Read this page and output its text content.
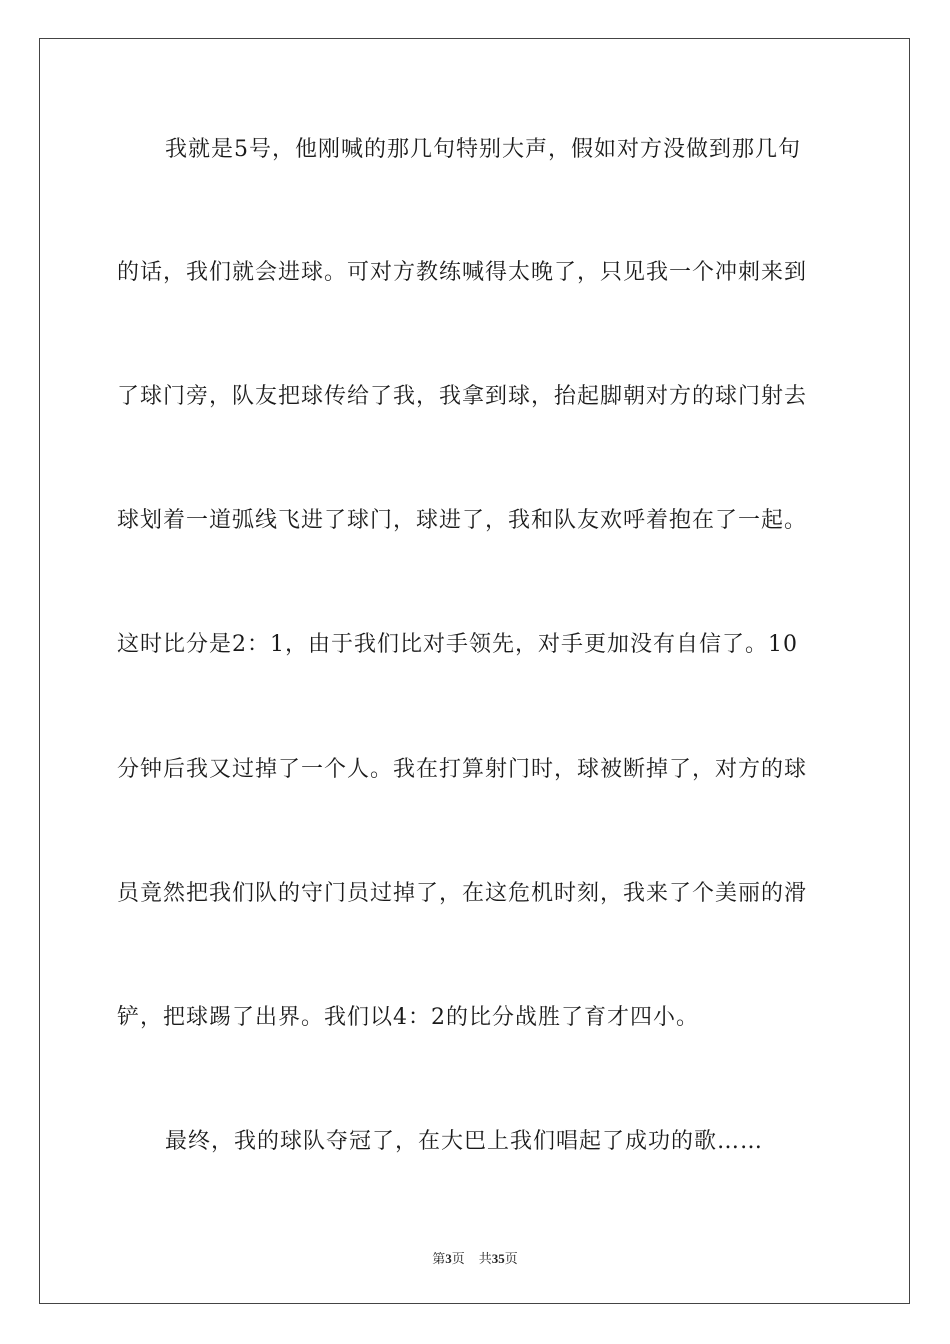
我就是5号，他刚喊的那几句特别大声，假如对方没做到那几句
的话，我们就会进球。可对方教练喊得太晚了，只见我一个冲刺来到
了球门旁，队友把球传给了我，我拿到球，抬起脚朝对方的球门射去
球划着一道弧线飞进了球门，球进了，我和队友欢呼着抱在了一起。
这时比分是2：1，由于我们比对手领先，对手更加没有自信了。10
分钟后我又过掉了一个人。我在打算射门时，球被断掉了，对方的球
员竟然把我们队的守门员过掉了，在这危机时刻，我来了个美丽的滑
铲，把球踢了出界。我们以4：2的比分战胜了育才四小。
最终，我的球队夺冠了，在大巴上我们唱起了成功的歌……
第3页 共35页
